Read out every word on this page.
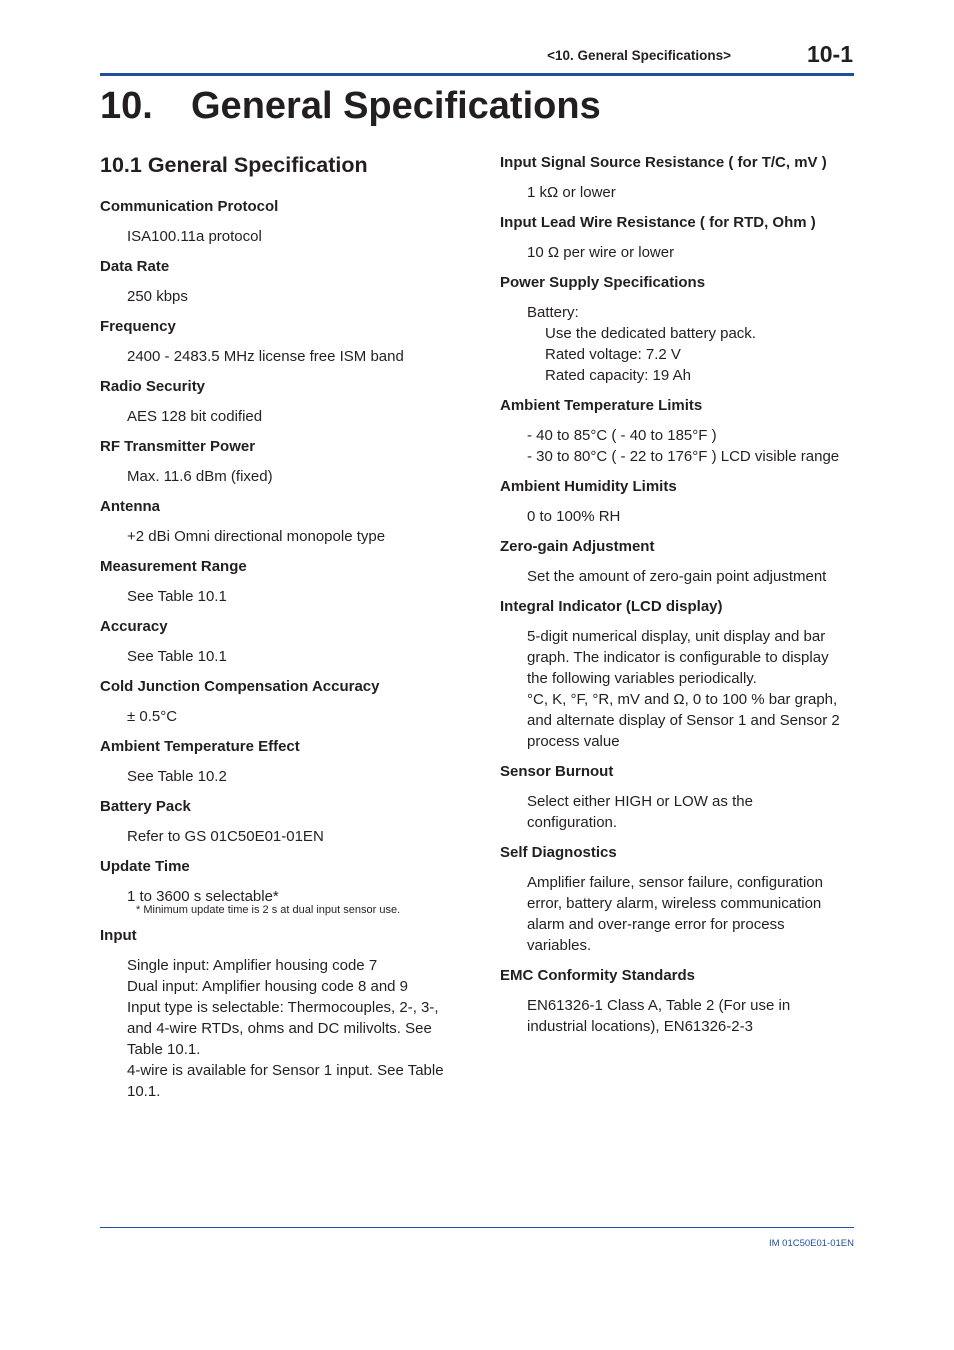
<10. General Specifications>	10-1
10. General Specifications
10.1 General Specification
Communication Protocol
ISA100.11a protocol
Data Rate
250 kbps
Frequency
2400 - 2483.5 MHz license free ISM band
Radio Security
AES 128 bit codified
RF Transmitter Power
Max. 11.6 dBm (fixed)
Antenna
+2 dBi Omni directional monopole type
Measurement Range
See Table 10.1
Accuracy
See Table 10.1
Cold Junction Compensation Accuracy
± 0.5°C
Ambient Temperature Effect
See Table 10.2
Battery Pack
Refer to GS 01C50E01-01EN
Update Time
1 to 3600 s selectable*
* Minimum update time is 2 s at dual input sensor use.
Input
Single input: Amplifier housing code 7
Dual input: Amplifier housing code 8 and 9
Input type is selectable: Thermocouples, 2-, 3-,
and 4-wire RTDs, ohms and DC milivolts. See
Table 10.1.
4-wire is available for Sensor 1 input. See Table
10.1.
Input Signal Source Resistance ( for T/C, mV )
1 kΩ or lower
Input Lead Wire Resistance ( for RTD, Ohm )
10 Ω per wire or lower
Power Supply Specifications
Battery:
Use the dedicated battery pack.
Rated voltage: 7.2 V
Rated capacity: 19 Ah
Ambient Temperature Limits
- 40 to 85°C ( - 40 to 185°F )
- 30 to 80°C ( - 22 to 176°F ) LCD visible range
Ambient Humidity Limits
0 to 100% RH
Zero-gain Adjustment
Set the amount of zero-gain point adjustment
Integral Indicator (LCD display)
5-digit numerical display, unit display and bar
graph. The indicator is configurable to display
the following variables periodically.
°C, K, °F, °R, mV and Ω, 0 to 100 % bar graph,
and alternate display of Sensor 1 and Sensor 2
process value
Sensor Burnout
Select either HIGH or LOW as the
configuration.
Self Diagnostics
Amplifier failure, sensor failure, configuration
error, battery alarm, wireless communication
alarm and over-range error for process
variables.
EMC Conformity Standards
EN61326-1 Class A, Table 2 (For use in
industrial locations), EN61326-2-3
IM 01C50E01-01EN
